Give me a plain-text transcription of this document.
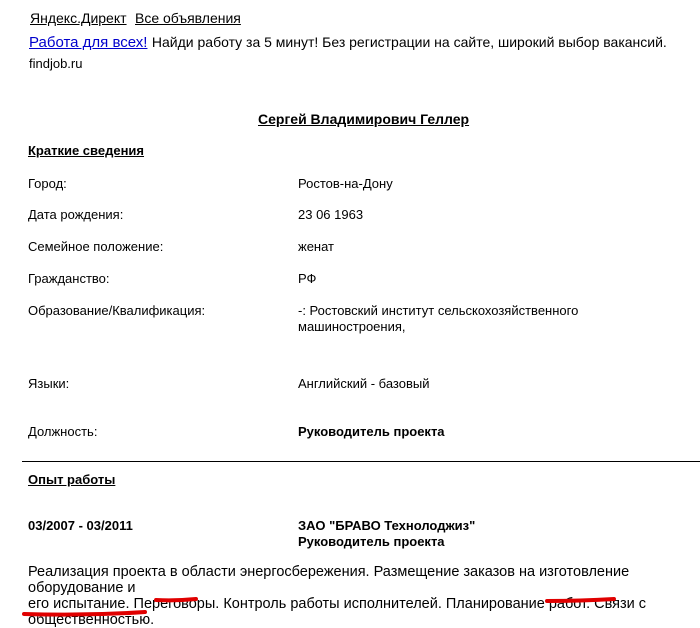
Яндекс.Директ Все объявления
Работа для всех! Найди работу за 5 минут! Без регистрации на сайте, широкий выбор вакансий.
findjob.ru
Сергей Владимирович Геллер
Краткие сведения
Город:	Ростов-на-Дону
Дата рождения:	23 06 1963
Семейное положение:	женат
Гражданство:	РФ
Образование/Квалификация:	-: Ростовский институт сельскохозяйственного
машиностроения,
Языки:	Английский - базовый
Должность:	Руководитель проекта
Опыт работы
03/2007 - 03/2011	ЗАО "БРАВО Технолоджиз"
Руководитель проекта
Реализация проекта в области энергосбережения. Размещение заказов на изготовление оборудование и
его испытание. Переговоры. Контроль работы исполнителей. Планирование работ. Связи с
общественностью.
